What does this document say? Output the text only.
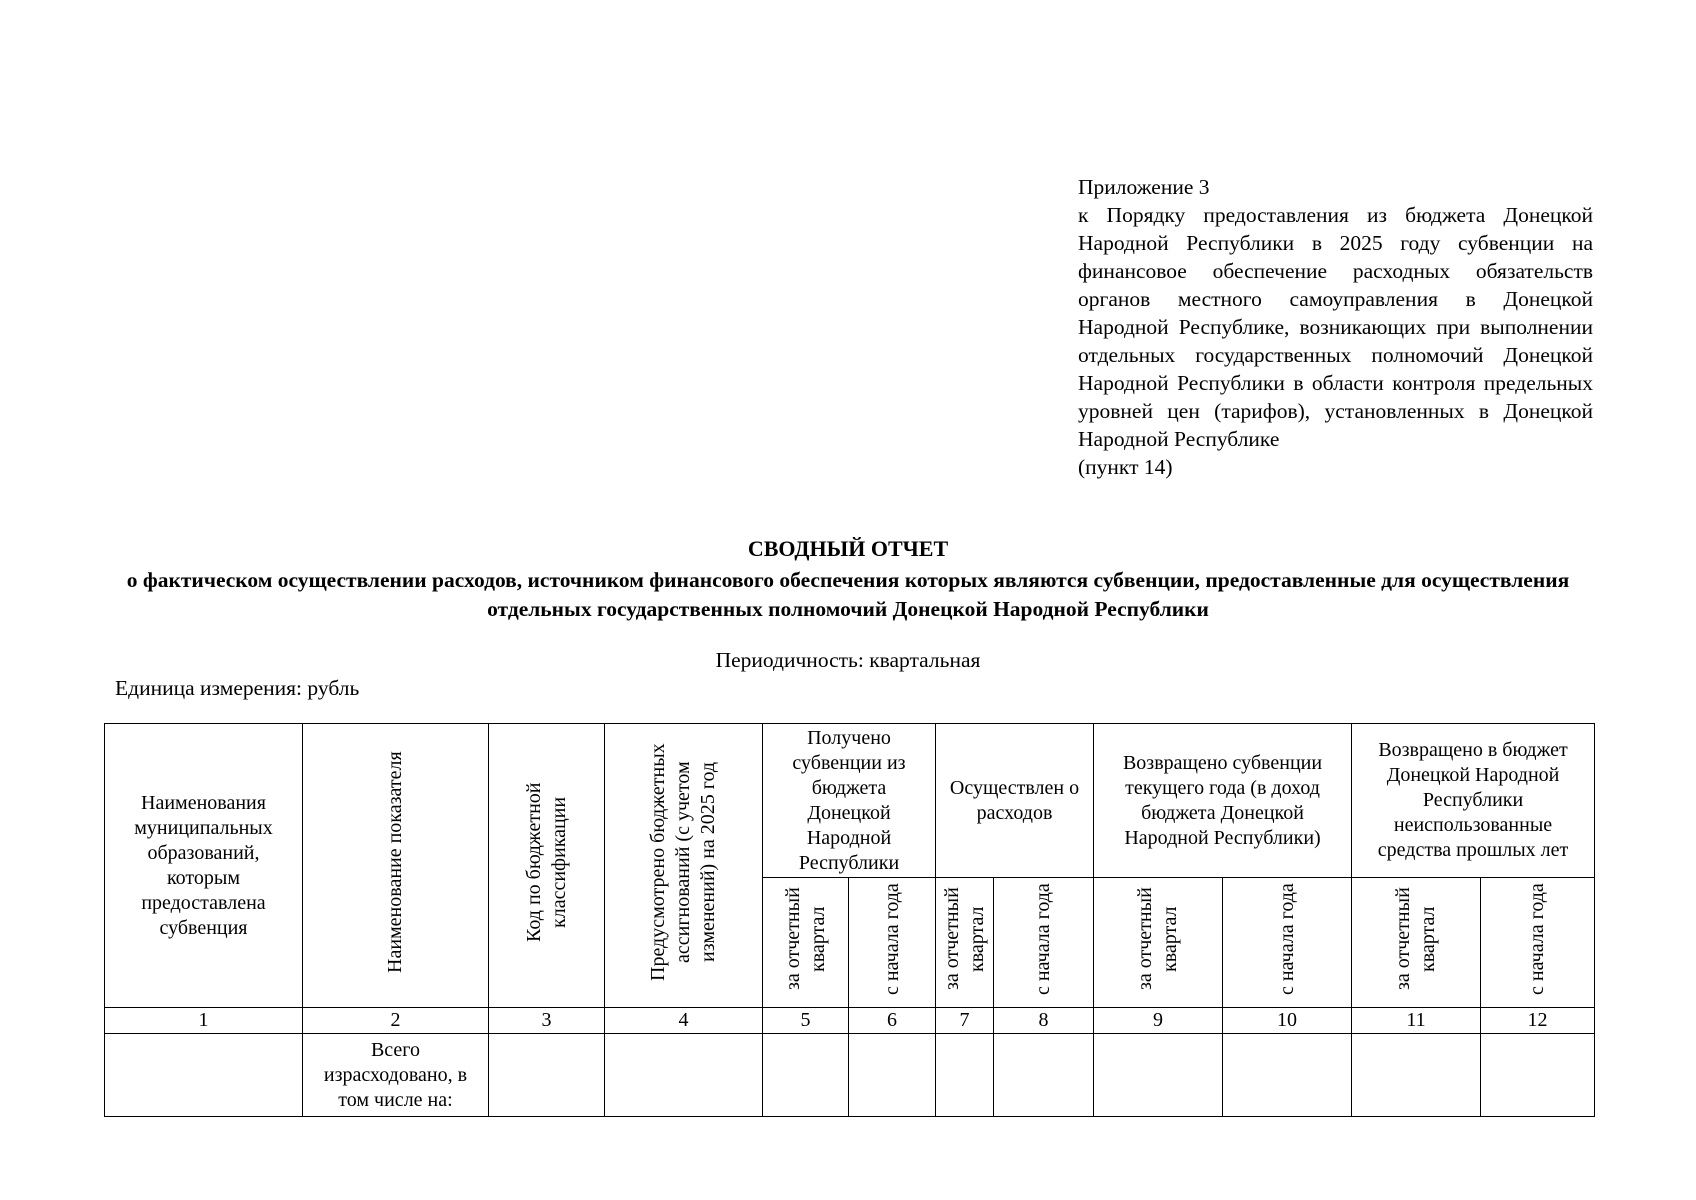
Приложение 3
к Порядку предоставления из бюджета Донецкой Народной Республики в 2025 году субвенции на финансовое обеспечение расходных обязательств органов местного самоуправления в Донецкой Народной Республике, возникающих при выполнении отдельных государственных полномочий Донецкой Народной Республики в области контроля предельных уровней цен (тарифов), установленных в Донецкой Народной Республике
(пункт 14)
СВОДНЫЙ ОТЧЕТ
о фактическом осуществлении расходов, источником финансового обеспечения которых являются субвенции, предоставленные для осуществления отдельных государственных полномочий Донецкой Народной Республики
Периодичность: квартальная
Единица измерения: рубль
Наименования муниципальных образований, которым предоставлена субвенция	Наименование показателя	Код по бюджетной классификации	Предусмотрено бюджетных ассигнований (с учетом изменений) на 2025 год	Получено субвенции из бюджета Донецкой Народной Республики		Осуществлен о расходов		Возвращено субвенции текущего года (в доход бюджета Донецкой Народной Республики)		Возвращено в бюджет Донецкой Народной Республики неиспользованные средства прошлых лет	
				за отчетный квартал	с начала года	за отчетный квартал	с начала года	за отчетный квартал	с начала года	за отчетный квартал	с начала года
1	2	3	4	5	6	7	8	9	10	11	12
	Всего израсходовано, в том числе на:										
